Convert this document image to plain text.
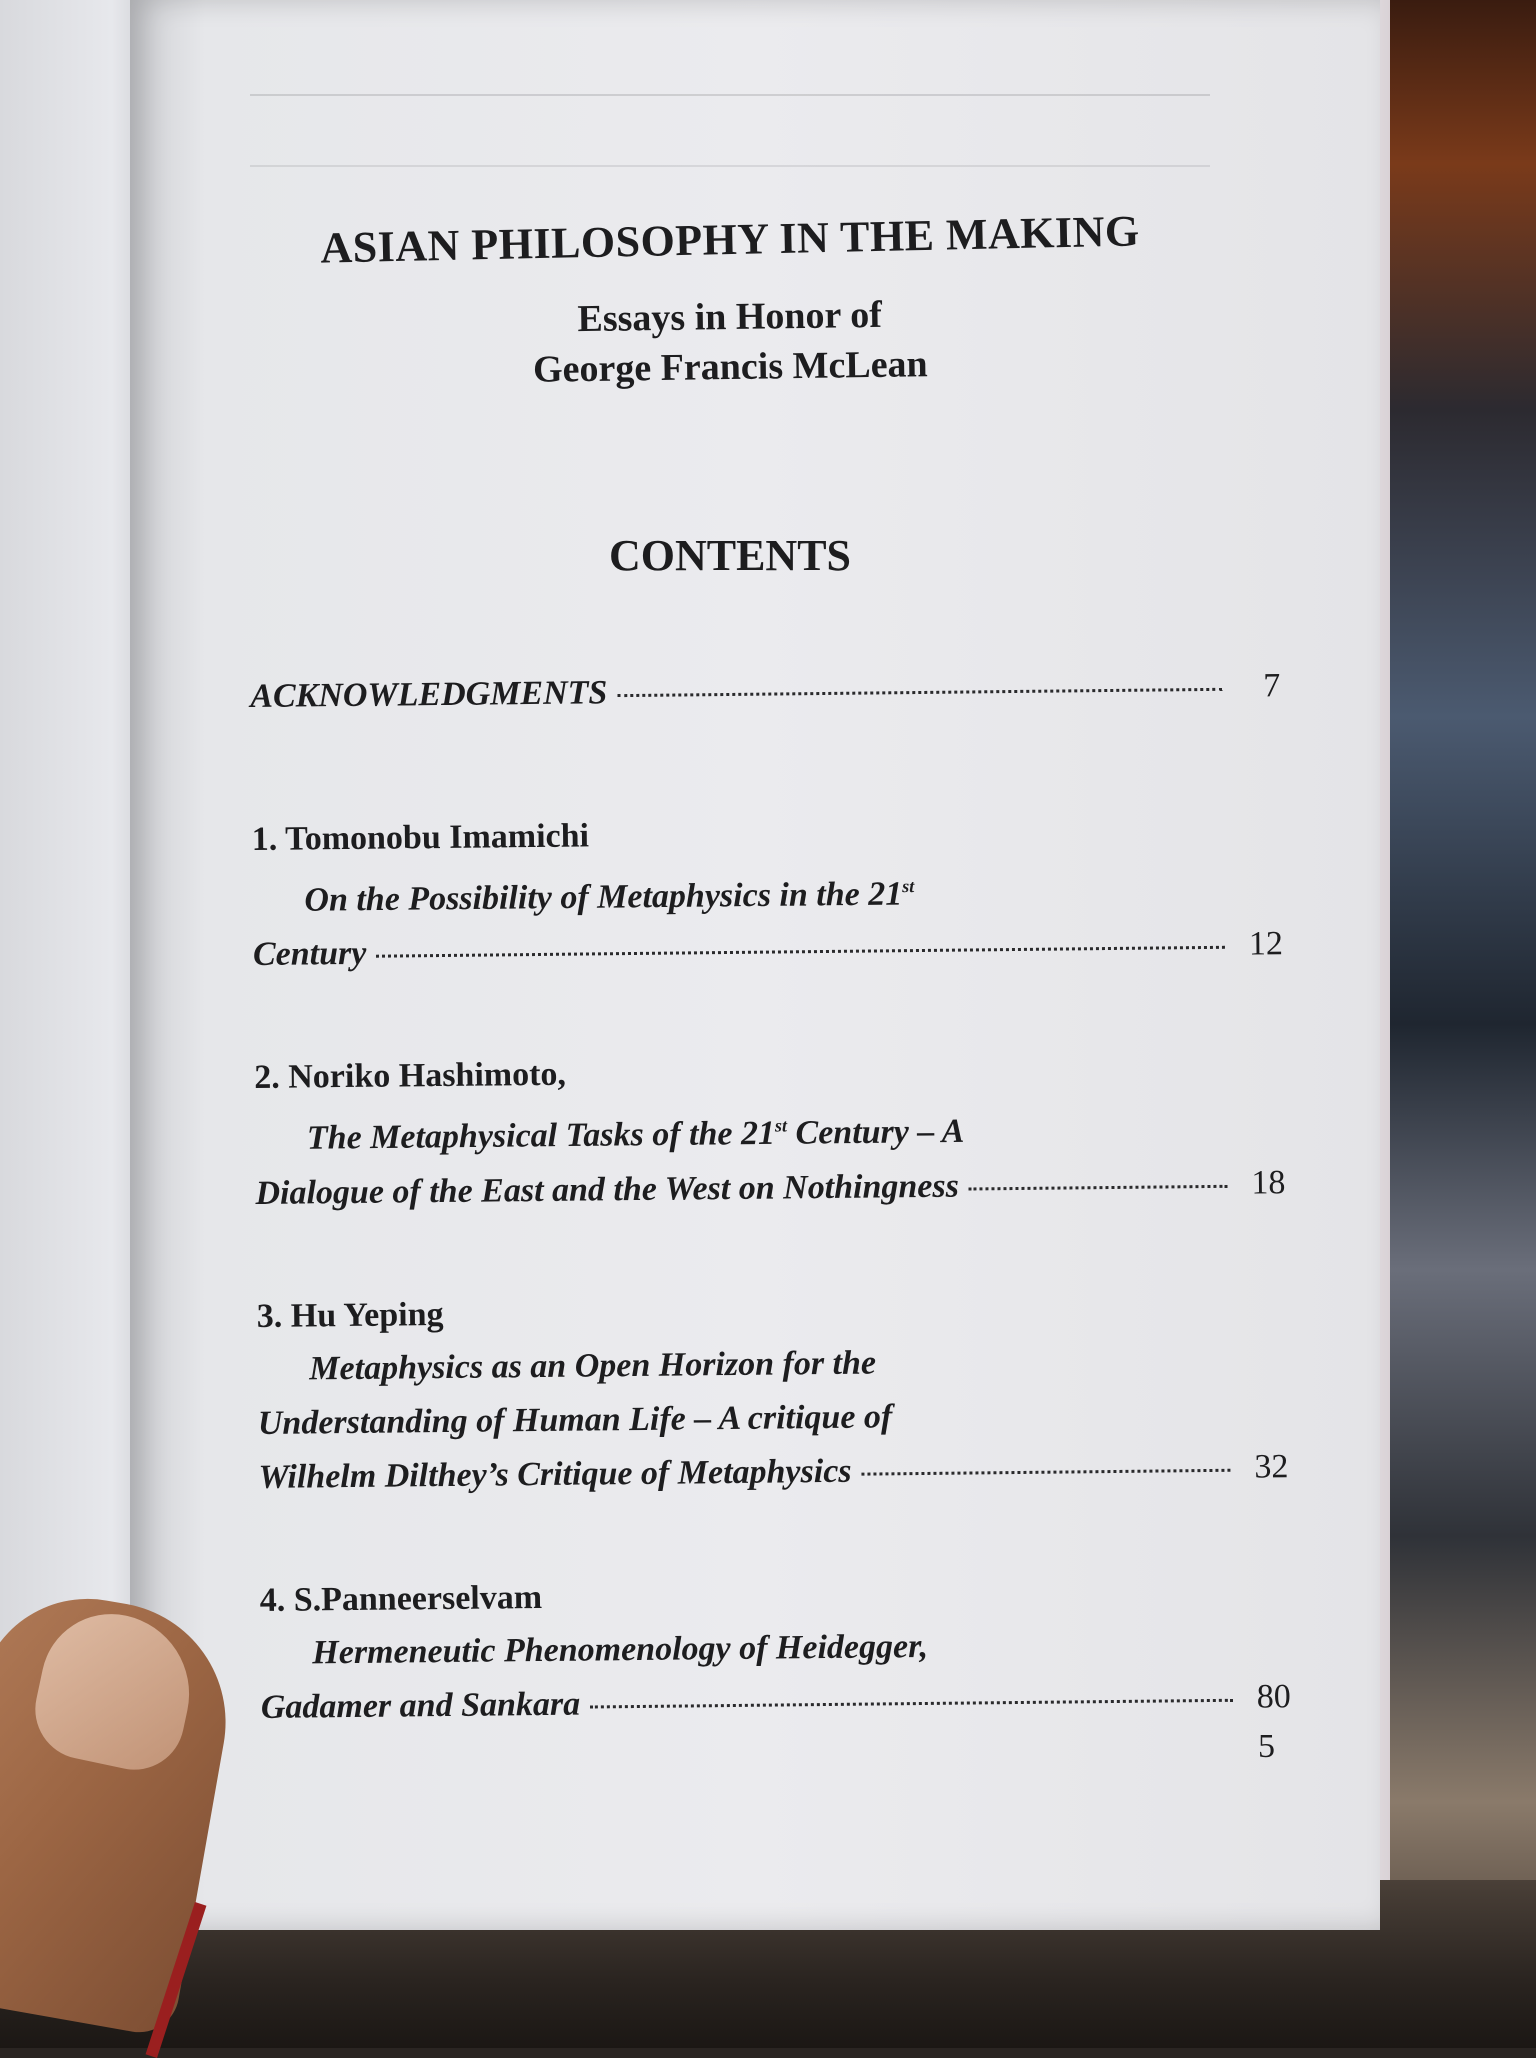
ASIAN PHILOSOPHY IN THE MAKING
Essays in Honor of
George Francis McLean
CONTENTS
ACKNOWLEDGMENTS	7
1. Tomonobu Imamichi
On the Possibility of Metaphysics in the 21st
Century	12
2. Noriko Hashimoto,
The Metaphysical Tasks of the 21st Century – A
Dialogue of the East and the West on Nothingness	18
3. Hu Yeping
Metaphysics as an Open Horizon for the
Understanding of Human Life – A critique of
Wilhelm Dilthey’s Critique of Metaphysics	32
4. S.Panneerselvam
Hermeneutic Phenomenology of Heidegger,
Gadamer and Sankara	80
5
